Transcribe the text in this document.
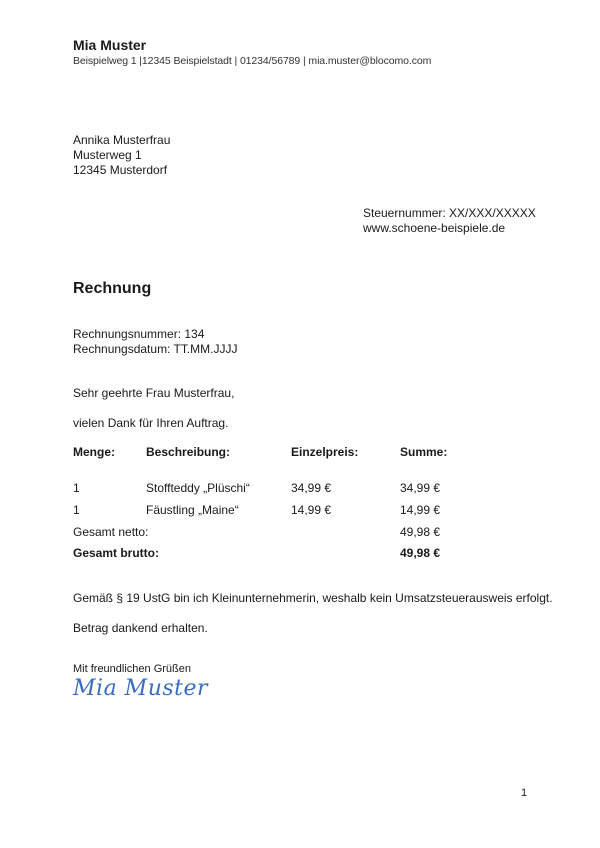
Mia Muster
Beispielweg 1 |12345 Beispielstadt | 01234/56789 | mia.muster@blocomo.com
Annika Musterfrau
Musterweg 1
12345 Musterdorf
Steuernummer: XX/XXX/XXXXX
www.schoene-beispiele.de
Rechnung
Rechnungsnummer: 134
Rechnungsdatum: TT.MM.JJJJ
Sehr geehrte Frau Musterfrau,
vielen Dank für Ihren Auftrag.
Menge:	Beschreibung:	Einzelpreis:	Summe:
1	Stoffteddy „Plüschi“	34,99 €	34,99 €
1	Fäustling „Maine“	14,99 €	14,99 €
Gesamt netto:	49,98 €
Gesamt brutto:	49,98 €
Gemäß § 19 UstG bin ich Kleinunternehmerin, weshalb kein Umsatzsteuerausweis erfolgt.
Betrag dankend erhalten.
Mit freundlichen Grüßen
Mia Muster
1
